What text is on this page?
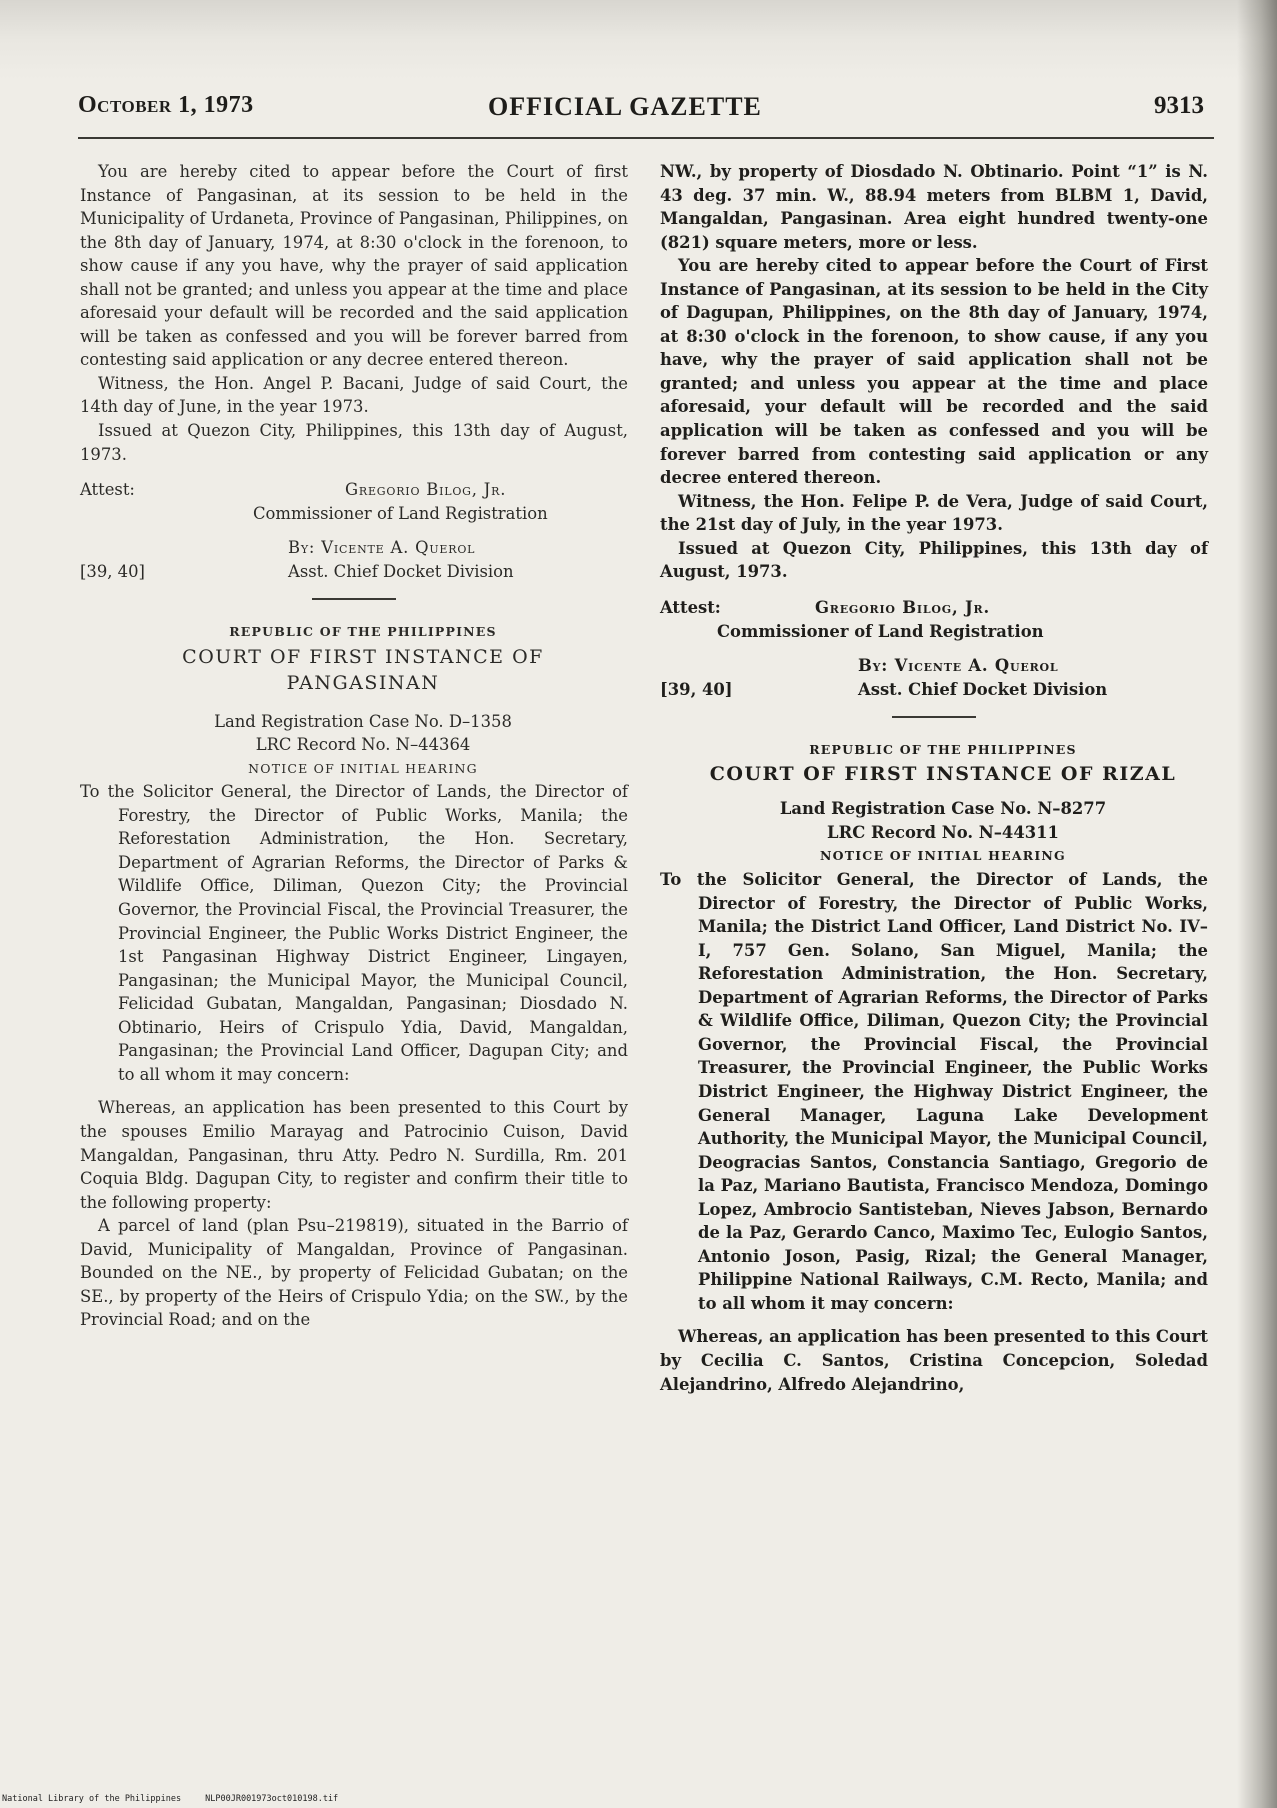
October 1, 1973	OFFICIAL GAZETTE	9313

You are hereby cited to appear before the Court of first Instance of Pangasinan, at its session to be held in the Municipality of Urdaneta, Province of Pangasinan, Philippines, on the 8th day of January, 1974, at 8:30 o'clock in the forenoon, to show cause if any you have, why the prayer of said application shall not be granted; and unless you appear at the time and place aforesaid your default will be recorded and the said application will be taken as confessed and you will be forever barred from contesting said application or any decree entered thereon.

Witness, the Hon. Angel P. Bacani, Judge of said Court, the 14th day of June, in the year 1973.

Issued at Quezon City, Philippines, this 13th day of August, 1973.

Attest:	Gregorio Bilog, Jr.
Commissioner of Land Registration
By: Vicente A. Querol
[39, 40]	Asst. Chief Docket Division

REPUBLIC OF THE PHILIPPINES

COURT OF FIRST INSTANCE OF

PANGASINAN

Land Registration Case No. D–1358

LRC Record No. N–44364

NOTICE OF INITIAL HEARING

To the Solicitor General, the Director of Lands, the Director of Forestry, the Director of Public Works, Manila; the Reforestation Administration, the Hon. Secretary, Department of Agrarian Reforms, the Director of Parks & Wildlife Office, Diliman, Quezon City; the Provincial Governor, the Provincial Fiscal, the Provincial Treasurer, the Provincial Engineer, the Public Works District Engineer, the 1st Pangasinan Highway District Engineer, Lingayen, Pangasinan; the Municipal Mayor, the Municipal Council, Felicidad Gubatan, Mangaldan, Pangasinan; Diosdado N. Obtinario, Heirs of Crispulo Ydia, David, Mangaldan, Pangasinan; the Provincial Land Officer, Dagupan City; and to all whom it may concern:

Whereas, an application has been presented to this Court by the spouses Emilio Marayag and Patrocinio Cuison, David Mangaldan, Pangasinan, thru Atty. Pedro N. Surdilla, Rm. 201 Coquia Bldg. Dagupan City, to register and confirm their title to the following property:

A parcel of land (plan Psu–219819), situated in the Barrio of David, Municipality of Mangaldan, Province of Pangasinan. Bounded on the NE., by property of Felicidad Gubatan; on the SE., by property of the Heirs of Crispulo Ydia; on the SW., by the Provincial Road; and on the

NW., by property of Diosdado N. Obtinario. Point “1” is N. 43 deg. 37 min. W., 88.94 meters from BLBM 1, David, Mangaldan, Pangasinan. Area eight hundred twenty-one (821) square meters, more or less.

You are hereby cited to appear before the Court of First Instance of Pangasinan, at its session to be held in the City of Dagupan, Philippines, on the 8th day of January, 1974, at 8:30 o'clock in the forenoon, to show cause, if any you have, why the prayer of said application shall not be granted; and unless you appear at the time and place aforesaid, your default will be recorded and the said application will be taken as confessed and you will be forever barred from contesting said application or any decree entered thereon.

Witness, the Hon. Felipe P. de Vera, Judge of said Court, the 21st day of July, in the year 1973.

Issued at Quezon City, Philippines, this 13th day of August, 1973.

Attest:	Gregorio Bilog, Jr.
Commissioner of Land Registration
By: Vicente A. Querol
[39, 40]	Asst. Chief Docket Division

REPUBLIC OF THE PHILIPPINES

COURT OF FIRST INSTANCE OF RIZAL

Land Registration Case No. N–8277

LRC Record No. N–44311

NOTICE OF INITIAL HEARING

To the Solicitor General, the Director of Lands, the Director of Forestry, the Director of Public Works, Manila; the District Land Officer, Land District No. IV–I, 757 Gen. Solano, San Miguel, Manila; the Reforestation Administration, the Hon. Secretary, Department of Agrarian Reforms, the Director of Parks & Wildlife Office, Diliman, Quezon City; the Provincial Governor, the Provincial Fiscal, the Provincial Treasurer, the Provincial Engineer, the Public Works District Engineer, the Highway District Engineer, the General Manager, Laguna Lake Development Authority, the Municipal Mayor, the Municipal Council, Deogracias Santos, Constancia Santiago, Gregorio de la Paz, Mariano Bautista, Francisco Mendoza, Domingo Lopez, Ambrocio Santisteban, Nieves Jabson, Bernardo de la Paz, Gerardo Canco, Maximo Tec, Eulogio Santos, Antonio Joson, Pasig, Rizal; the General Manager, Philippine National Railways, C.M. Recto, Manila; and to all whom it may concern:

Whereas, an application has been presented to this Court by Cecilia C. Santos, Cristina Concepcion, Soledad Alejandrino, Alfredo Alejandrino,

National Library of the Philippines	NLP00JR001973oct010198.tif
